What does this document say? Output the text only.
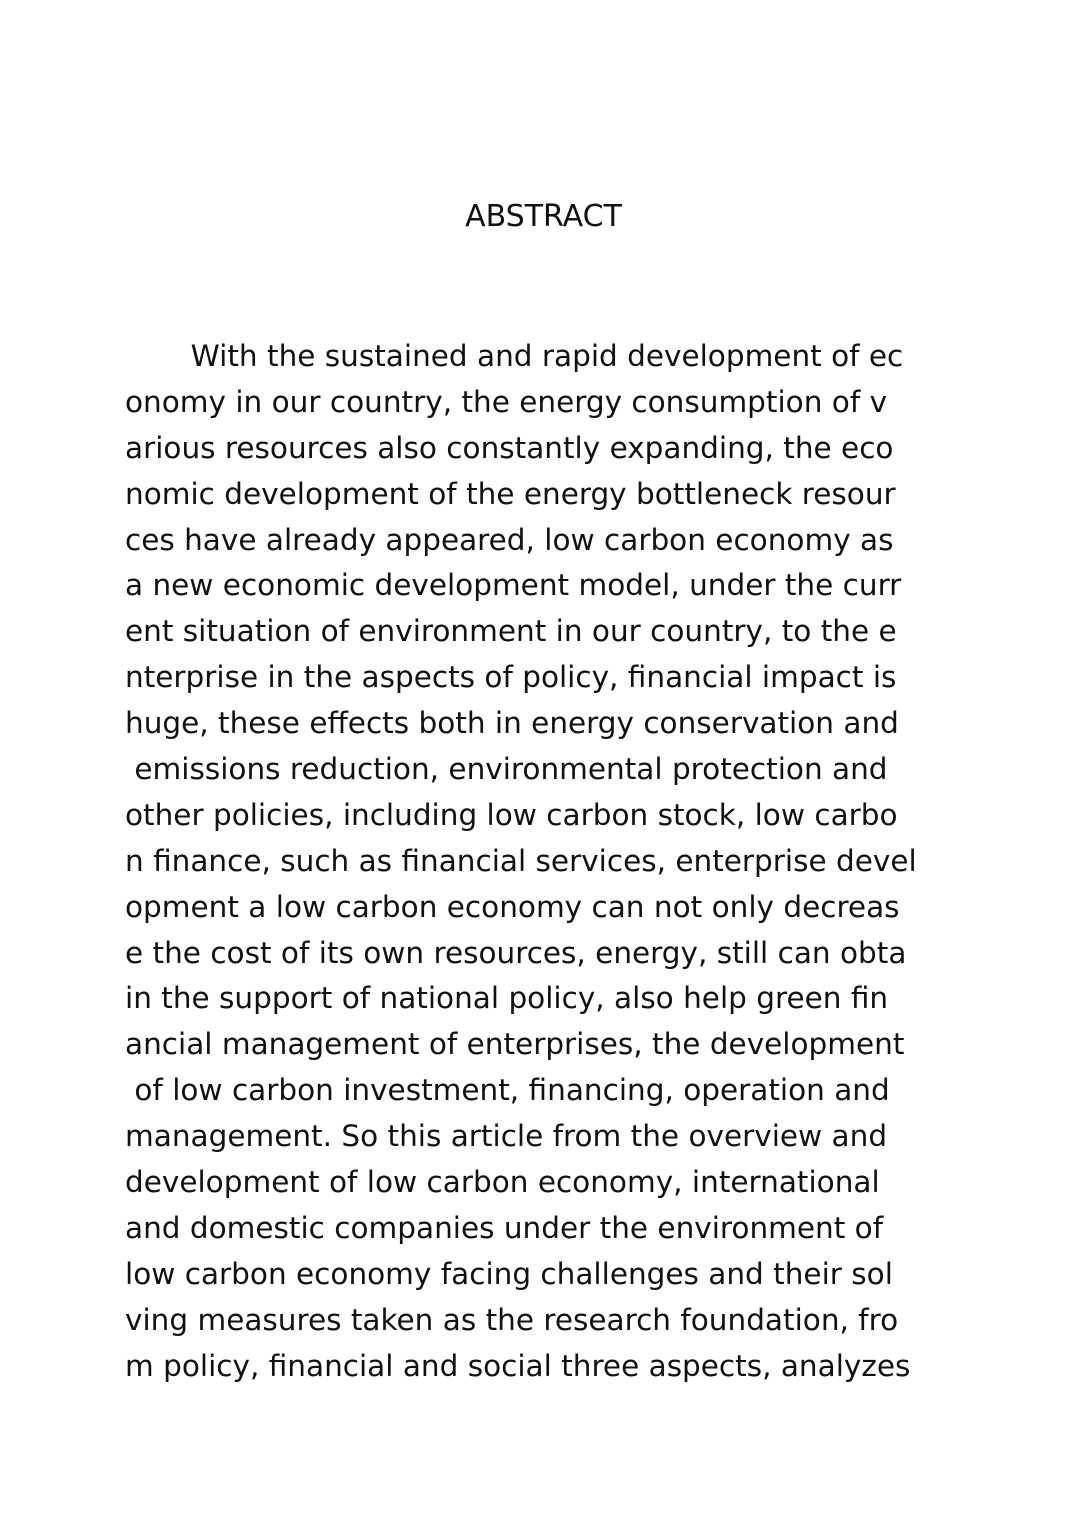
ABSTRACT
With the sustained and rapid development of ec
onomy in our country, the energy consumption of v
arious resources also constantly expanding, the eco
nomic development of the energy bottleneck resour
ces have already appeared, low carbon economy as
a new economic development model, under the curr
ent situation of environment in our country, to the e
nterprise in the aspects of policy, financial impact is
huge, these effects both in energy conservation and
emissions reduction, environmental protection and
other policies, including low carbon stock, low carbo
n finance, such as financial services, enterprise devel
opment a low carbon economy can not only decreas
e the cost of its own resources, energy, still can obta
in the support of national policy, also help green fin
ancial management of enterprises, the development
of low carbon investment, financing, operation and
management. So this article from the overview and
development of low carbon economy, international
and domestic companies under the environment of
low carbon economy facing challenges and their sol
ving measures taken as the research foundation, fro
m policy, financial and social three aspects, analyzes
